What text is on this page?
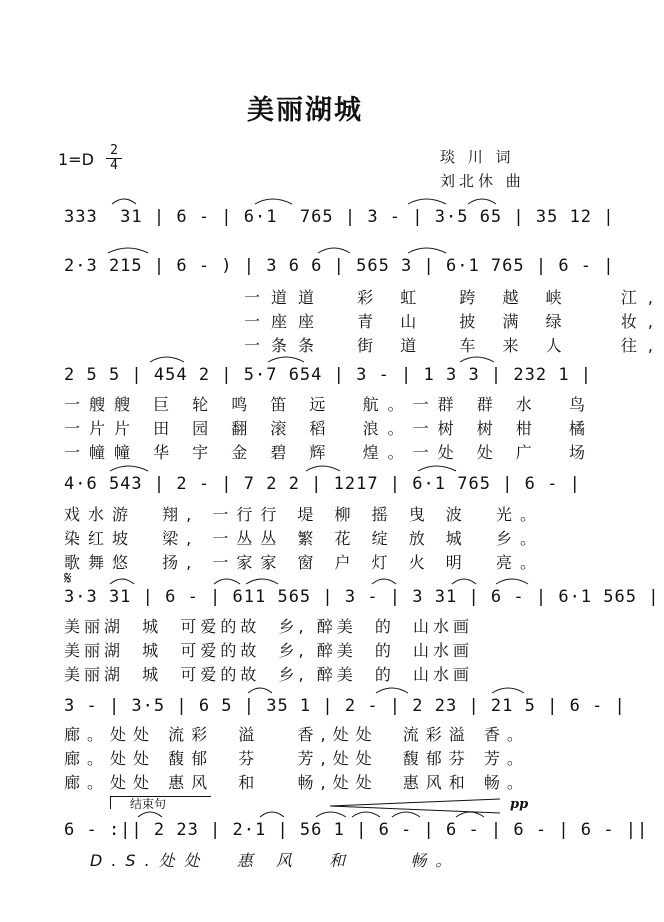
美丽湖城
$1=D \frac{2}{4}$	琰 川 词
刘北休 曲
333  31 | 6 - | 6·1  765 | 3 - | 3·5 65 | 35 12 |
2·3 215 | 6 - ) | 3 6 6 | 565 3 | 6·1 765 | 6 - |
一道道  彩 虹  跨 越 峡   江,
一座座  青 山  披 满 绿   妆,
一条条  街 道  车 来 人   往,
2 5 5 | 454 2 | 5·7 654 | 3 - | 1 3 3 | 232 1 |
一艘艘 巨 轮 鸣 笛 远  航。一群 群 水  鸟
一片片 田 园 翻 滚 稻  浪。一树 树 柑  橘
一幢幢 华 宇 金 碧 辉  煌。一处 处 广  场
4·6 543 | 2 - | 7 2 2 | 1217 | 6·1 765 | 6 - |
戏水游  翔, 一行行 堤 柳 摇 曳 波  光。
染红坡  梁, 一丛丛 繁 花 绽 放 城  乡。
歌舞悠  扬, 一家家 窗 户 灯 火 明  亮。
𝄋
3·3 31 | 6 - | 611 565 | 3 - | 3 31 | 6 - | 6·1 565 |
美丽湖  城  可爱的故  乡, 醉美  的  山水画
美丽湖  城  可爱的故  乡, 醉美  的  山水画
美丽湖  城  可爱的故  乡, 醉美  的  山水画
3 - | 3·5 | 6 5 | 35 1 | 2 - | 2 23 | 21 5 | 6 - |
廊。处处 流彩  溢   香,处处  流彩溢 香。
廊。处处 馥郁  芬   芳,处处  馥郁芬 芳。
廊。处处 惠风  和   畅,处处  惠风和 畅。
结束句	pp
6 - :|| 2 23 | 2·1 | 56 1 | 6 - | 6 - | 6 - | 6 - ||
D.S.处处  惠 风  和    畅。
